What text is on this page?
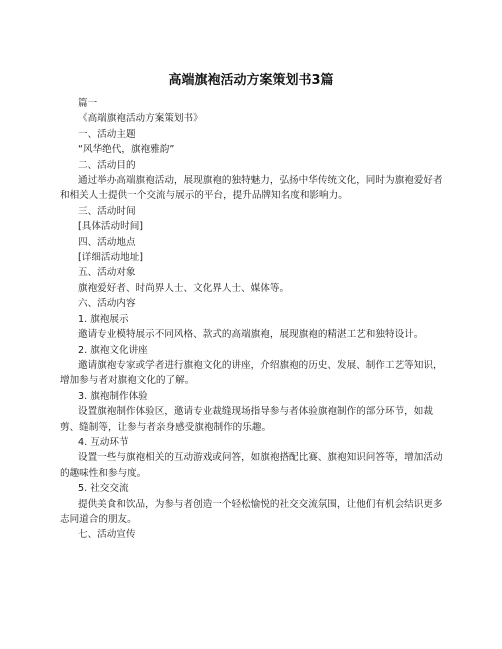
高端旗袍活动方案策划书3篇

篇一

《高端旗袍活动方案策划书》

一、活动主题

“风华绝代，旗袍雅韵”

二、活动目的

通过举办高端旗袍活动，展现旗袍的独特魅力，弘扬中华传统文化，同时为旗袍爱好者和相关人士提供一个交流与展示的平台，提升品牌知名度和影响力。

三、活动时间

[具体活动时间]

四、活动地点

[详细活动地址]

五、活动对象

旗袍爱好者、时尚界人士、文化界人士、媒体等。

六、活动内容

1. 旗袍展示

邀请专业模特展示不同风格、款式的高端旗袍，展现旗袍的精湛工艺和独特设计。

2. 旗袍文化讲座

邀请旗袍专家或学者进行旗袍文化的讲座，介绍旗袍的历史、发展、制作工艺等知识，增加参与者对旗袍文化的了解。

3. 旗袍制作体验

设置旗袍制作体验区，邀请专业裁缝现场指导参与者体验旗袍制作的部分环节，如裁剪、缝制等，让参与者亲身感受旗袍制作的乐趣。

4. 互动环节

设置一些与旗袍相关的互动游戏或问答，如旗袍搭配比赛、旗袍知识问答等，增加活动的趣味性和参与度。

5. 社交交流

提供美食和饮品，为参与者创造一个轻松愉悦的社交交流氛围，让他们有机会结识更多志同道合的朋友。

七、活动宣传
